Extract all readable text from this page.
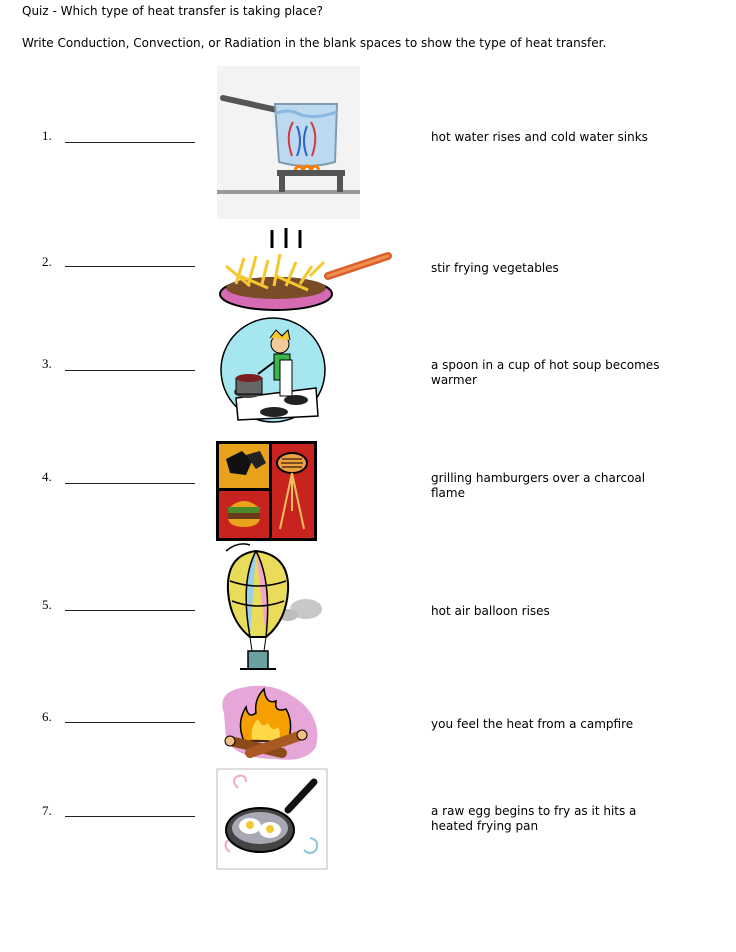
Quiz - Which type of heat transfer is taking place?
Write Conduction, Convection, or Radiation in the blank spaces to show the type of heat transfer.
1.	hot water rises and cold water sinks
2.	stir frying vegetables
3.	a spoon in a cup of hot soup becomes warmer
4.	grilling hamburgers over a charcoal flame
5.	hot air balloon rises
6.	you feel the heat from a campfire
7.	a raw egg begins to fry as it hits a heated frying pan
